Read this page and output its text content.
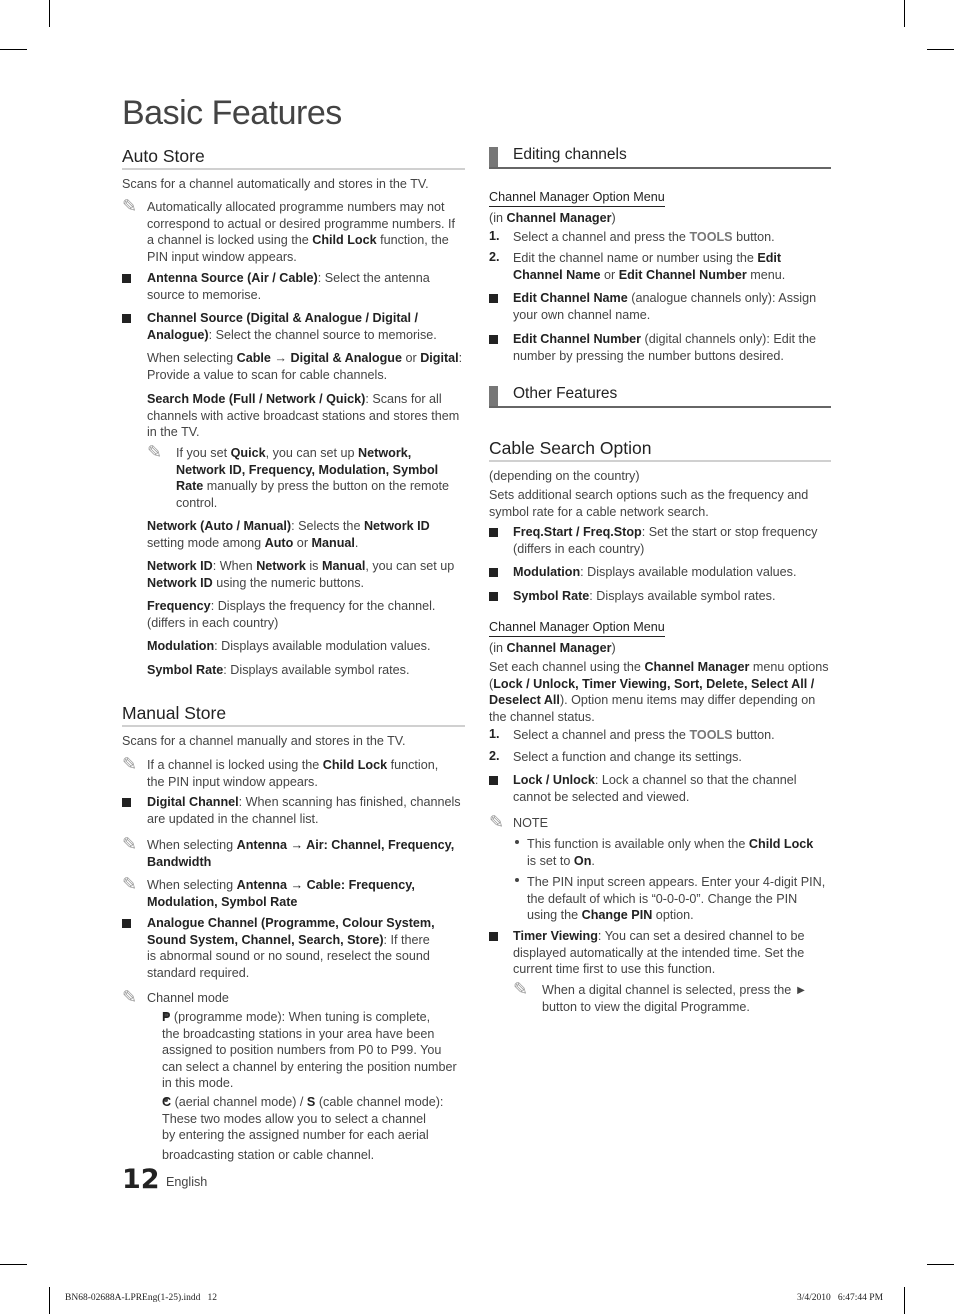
Basic Features
Auto Store
Scans for a channel automatically and stores in the TV.
✎ Automatically allocated programme numbers may not
correspond to actual or desired programme numbers. If
a channel is locked using the Child Lock function, the
PIN input window appears.
Antenna Source (Air / Cable): Select the antenna
source to memorise.
Channel Source (Digital & Analogue / Digital /
Analogue): Select the channel source to memorise.
When selecting Cable → Digital & Analogue or Digital:
Provide a value to scan for cable channels.
Search Mode (Full / Network / Quick): Scans for all
channels with active broadcast stations and stores them
in the TV.
✎ If you set Quick, you can set up Network,
Network ID, Frequency, Modulation, Symbol
Rate manually by press the button on the remote
control.
Network (Auto / Manual): Selects the Network ID
setting mode among Auto or Manual.
Network ID: When Network is Manual, you can set up
Network ID using the numeric buttons.
Frequency: Displays the frequency for the channel.
(differs in each country)
Modulation: Displays available modulation values.
Symbol Rate: Displays available symbol rates.
Manual Store
Scans for a channel manually and stores in the TV.
✎ If a channel is locked using the Child Lock function,
the PIN input window appears.
Digital Channel: When scanning has finished, channels
are updated in the channel list.
✎ When selecting Antenna → Air: Channel, Frequency,
Bandwidth
✎ When selecting Antenna → Cable: Frequency,
Modulation, Symbol Rate
Analogue Channel (Programme, Colour System,
Sound System, Channel, Search, Store): If there
is abnormal sound or no sound, reselect the sound
standard required.
✎ Channel mode
P (programme mode): When tuning is complete,
the broadcasting stations in your area have been
assigned to position numbers from P0 to P99. You
can select a channel by entering the position number
in this mode.
C (aerial channel mode) / S (cable channel mode):
These two modes allow you to select a channel
by entering the assigned number for each aerial
broadcasting station or cable channel.
Editing channels
Channel Manager Option Menu
(in Channel Manager)
1. Select a channel and press the TOOLS button.
2. Edit the channel name or number using the Edit
Channel Name or Edit Channel Number menu.
Edit Channel Name (analogue channels only): Assign
your own channel name.
Edit Channel Number (digital channels only): Edit the
number by pressing the number buttons desired.
Other Features
Cable Search Option
(depending on the country)
Sets additional search options such as the frequency and
symbol rate for a cable network search.
Freq.Start / Freq.Stop: Set the start or stop frequency
(differs in each country)
Modulation: Displays available modulation values.
Symbol Rate: Displays available symbol rates.
Channel Manager Option Menu
(in Channel Manager)
Set each channel using the Channel Manager menu options
(Lock / Unlock, Timer Viewing, Sort, Delete, Select All /
Deselect All). Option menu items may differ depending on
the channel status.
1. Select a channel and press the TOOLS button.
2. Select a function and change its settings.
Lock / Unlock: Lock a channel so that the channel
cannot be selected and viewed.
✎ NOTE
This function is available only when the Child Lock
is set to On.
The PIN input screen appears. Enter your 4-digit PIN,
the default of which is “0-0-0-0”. Change the PIN
using the Change PIN option.
Timer Viewing: You can set a desired channel to be
displayed automatically at the intended time. Set the
current time first to use this function.
✎ When a digital channel is selected, press the ►
button to view the digital Programme.
12 English
BN68-02688A-LPREng(1-25).indd   12	3/4/2010   6:47:44 PM
